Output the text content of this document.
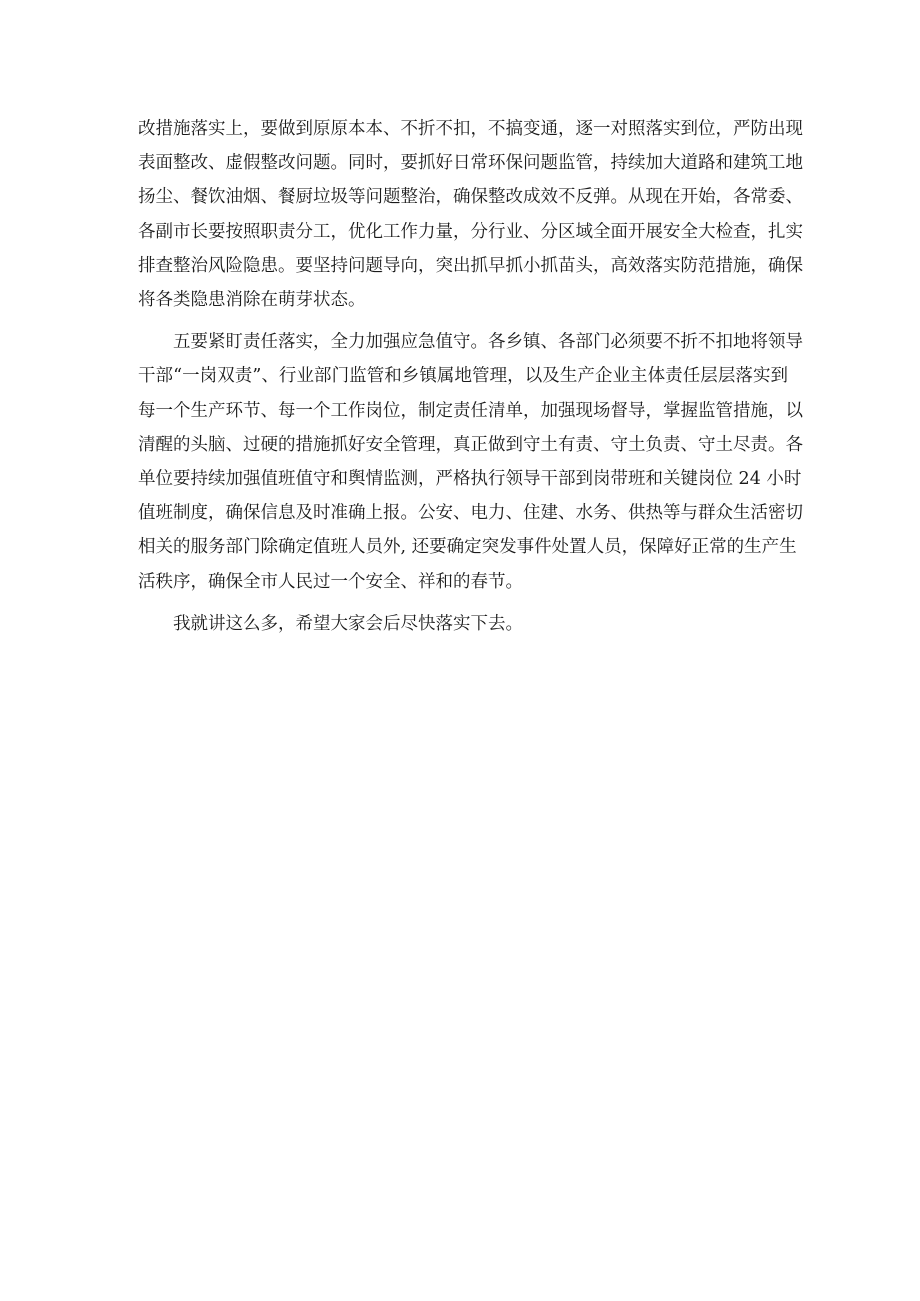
改措施落实上，要做到原原本本、不折不扣，不搞变通，逐一对照落实到位，严防出现
表面整改、虚假整改问题。同时，要抓好日常环保问题监管，持续加大道路和建筑工地
扬尘、餐饮油烟、餐厨垃圾等问题整治，确保整改成效不反弹。从现在开始，各常委、
各副市长要按照职责分工，优化工作力量，分行业、分区域全面开展安全大检查，扎实
排查整治风险隐患。要坚持问题导向，突出抓早抓小抓苗头，高效落实防范措施，确保
将各类隐患消除在萌芽状态。
五要紧盯责任落实，全力加强应急值守。各乡镇、各部门必须要不折不扣地将领导
干部“一岗双责”、行业部门监管和乡镇属地管理，以及生产企业主体责任层层落实到
每一个生产环节、每一个工作岗位，制定责任清单，加强现场督导，掌握监管措施，以
清醒的头脑、过硬的措施抓好安全管理，真正做到守土有责、守土负责、守土尽责。各
单位要持续加强值班值守和舆情监测，严格执行领导干部到岗带班和关键岗位 24 小时
值班制度，确保信息及时准确上报。公安、电力、住建、水务、供热等与群众生活密切
相关的服务部门除确定值班人员外, 还要确定突发事件处置人员，保障好正常的生产生
活秩序，确保全市人民过一个安全、祥和的春节。
我就讲这么多，希望大家会后尽快落实下去。
